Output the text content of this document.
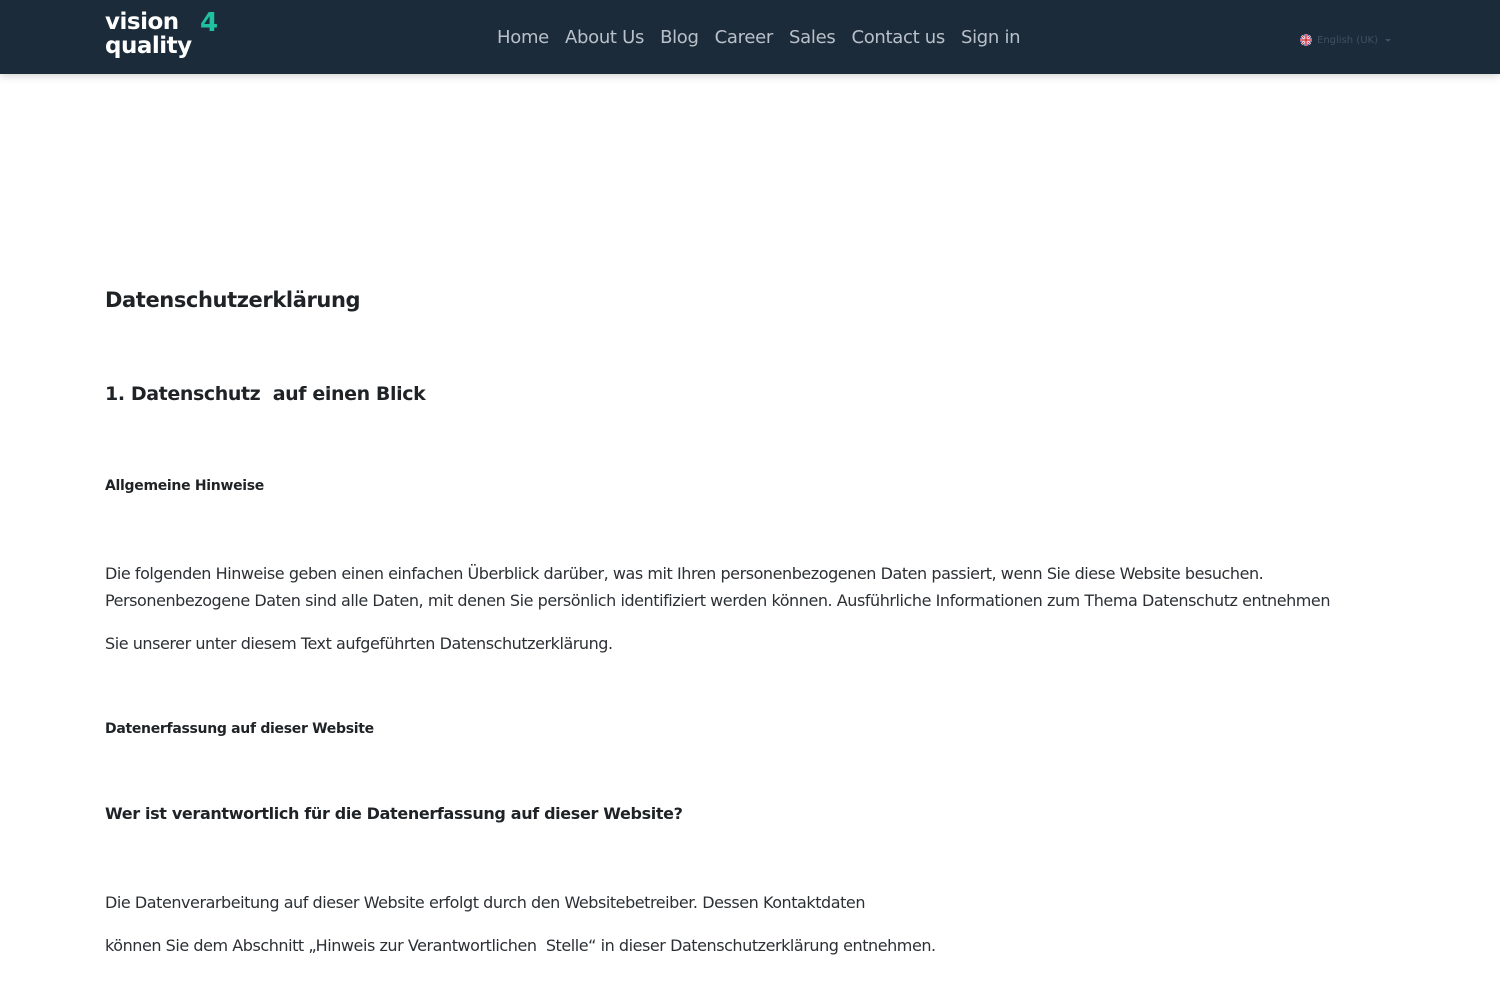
vision 4
quality	Home About Us Blog Career Sales Contact us Sign in	English (UK)
Datenschutzerklärung
1. Datenschutz  auf einen Blick
Allgemeine Hinweise

Die folgenden Hinweise geben einen einfachen Überblick darüber, was mit Ihren personenbezogenen Daten passiert, wenn Sie diese Website besuchen. Personenbezogene Daten sind alle Daten, mit denen Sie persönlich identifiziert werden können. Ausführliche Informationen zum Thema Datenschutz entnehmen

Sie unserer unter diesem Text aufgeführten Datenschutzerklärung.

Datenerfassung auf dieser Website

Wer ist verantwortlich für die Datenerfassung auf dieser Website?

Die Datenverarbeitung auf dieser Website erfolgt durch den Websitebetreiber. Dessen Kontaktdaten

können Sie dem Abschnitt „Hinweis zur Verantwortlichen  Stelle“ in dieser Datenschutzerklärung entnehmen.
